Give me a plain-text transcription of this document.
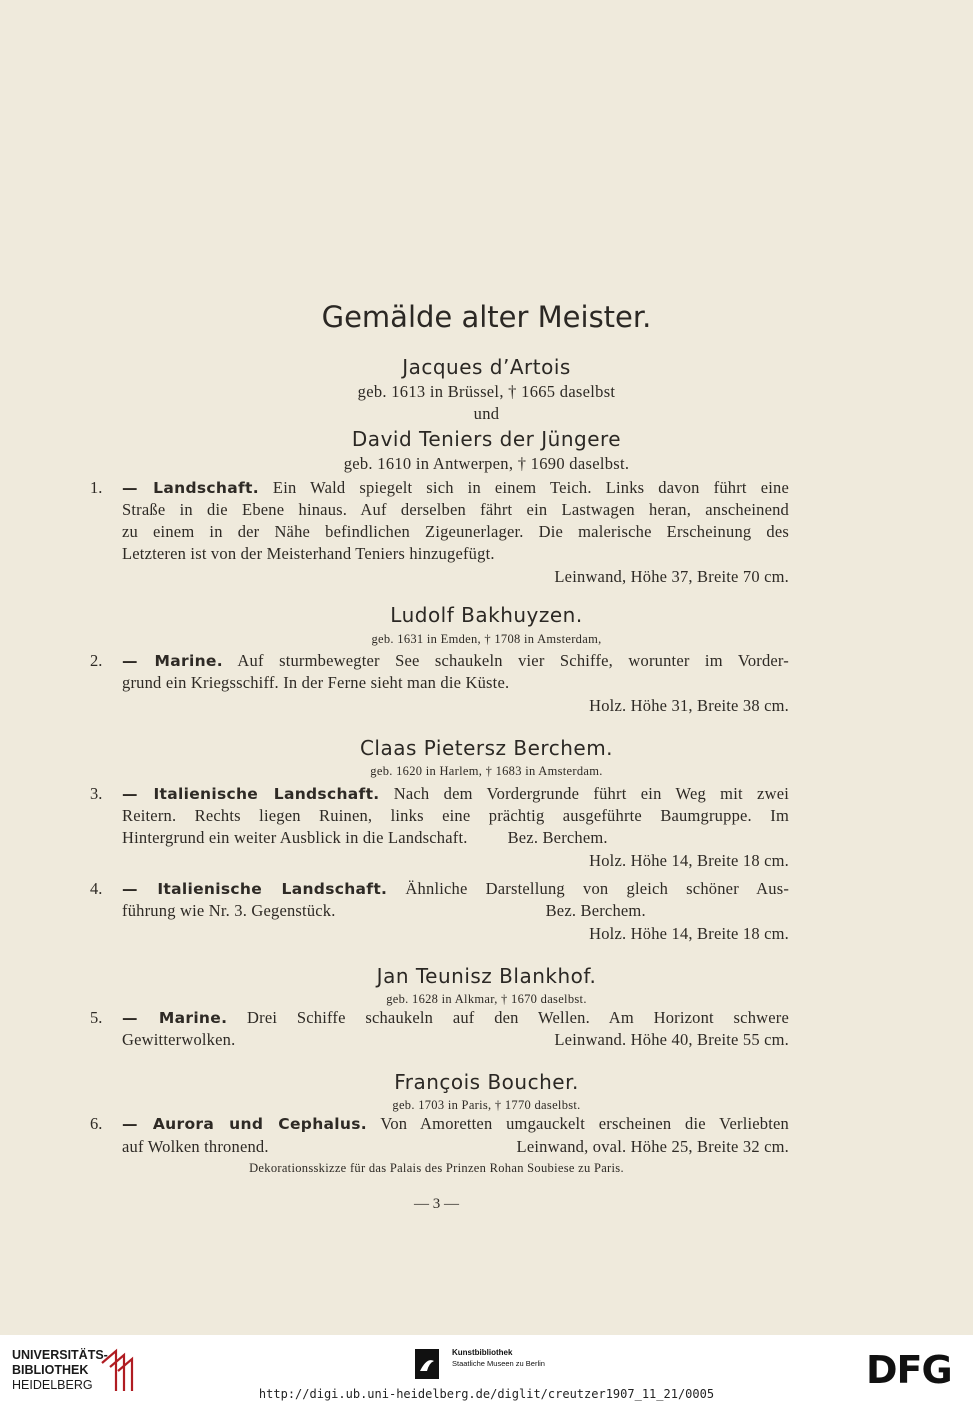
Gemälde alter Meister.
Jacques d’Artois
geb. 1613 in Brüssel, † 1665 daselbst
und
David Teniers der Jüngere
geb. 1610 in Antwerpen, † 1690 daselbst.
1. — Landschaft. Ein Wald spiegelt sich in einem Teich. Links davon führt eine
Straße in die Ebene hinaus. Auf derselben fährt ein Lastwagen heran, anscheinend
zu einem in der Nähe befindlichen Zigeunerlager. Die malerische Erscheinung des
Letzteren ist von der Meisterhand Teniers hinzugefügt.
Leinwand, Höhe 37, Breite 70 cm.
Ludolf Bakhuyzen.
geb. 1631 in Emden, † 1708 in Amsterdam,
2. — Marine. Auf sturmbewegter See schaukeln vier Schiffe, worunter im Vorder-
grund ein Kriegsschiff. In der Ferne sieht man die Küste.
Holz. Höhe 31, Breite 38 cm.
Claas Pietersz Berchem.
geb. 1620 in Harlem, † 1683 in Amsterdam.
3. — Italienische Landschaft. Nach dem Vordergrunde führt ein Weg mit zwei
Reitern. Rechts liegen Ruinen, links eine prächtig ausgeführte Baumgruppe. Im
Hintergrund ein weiter Ausblick in die Landschaft. Bez. Berchem.
Holz. Höhe 14, Breite 18 cm.
4. — Italienische Landschaft. Ähnliche Darstellung von gleich schöner Aus-
führung wie Nr. 3. Gegenstück.	Bez. Berchem.
Holz. Höhe 14, Breite 18 cm.
Jan Teunisz Blankhof.
geb. 1628 in Alkmar, † 1670 daselbst.
5. — Marine. Drei Schiffe schaukeln auf den Wellen. Am Horizont schwere
Gewitterwolken.	Leinwand. Höhe 40, Breite 55 cm.
François Boucher.
geb. 1703 in Paris, † 1770 daselbst.
6. — Aurora und Cephalus. Von Amoretten umgauckelt erscheinen die Verliebten
auf Wolken thronend.	Leinwand, oval. Höhe 25, Breite 32 cm.
Dekorationsskizze für das Palais des Prinzen Rohan Soubiese zu Paris.
— 3 —
UNIVERSITÄTS-
BIBLIOTHEK
HEIDELBERG
Kunstbibliothek
Staatliche Museen zu Berlin	DFG
http://digi.ub.uni-heidelberg.de/diglit/creutzer1907_11_21/0005
